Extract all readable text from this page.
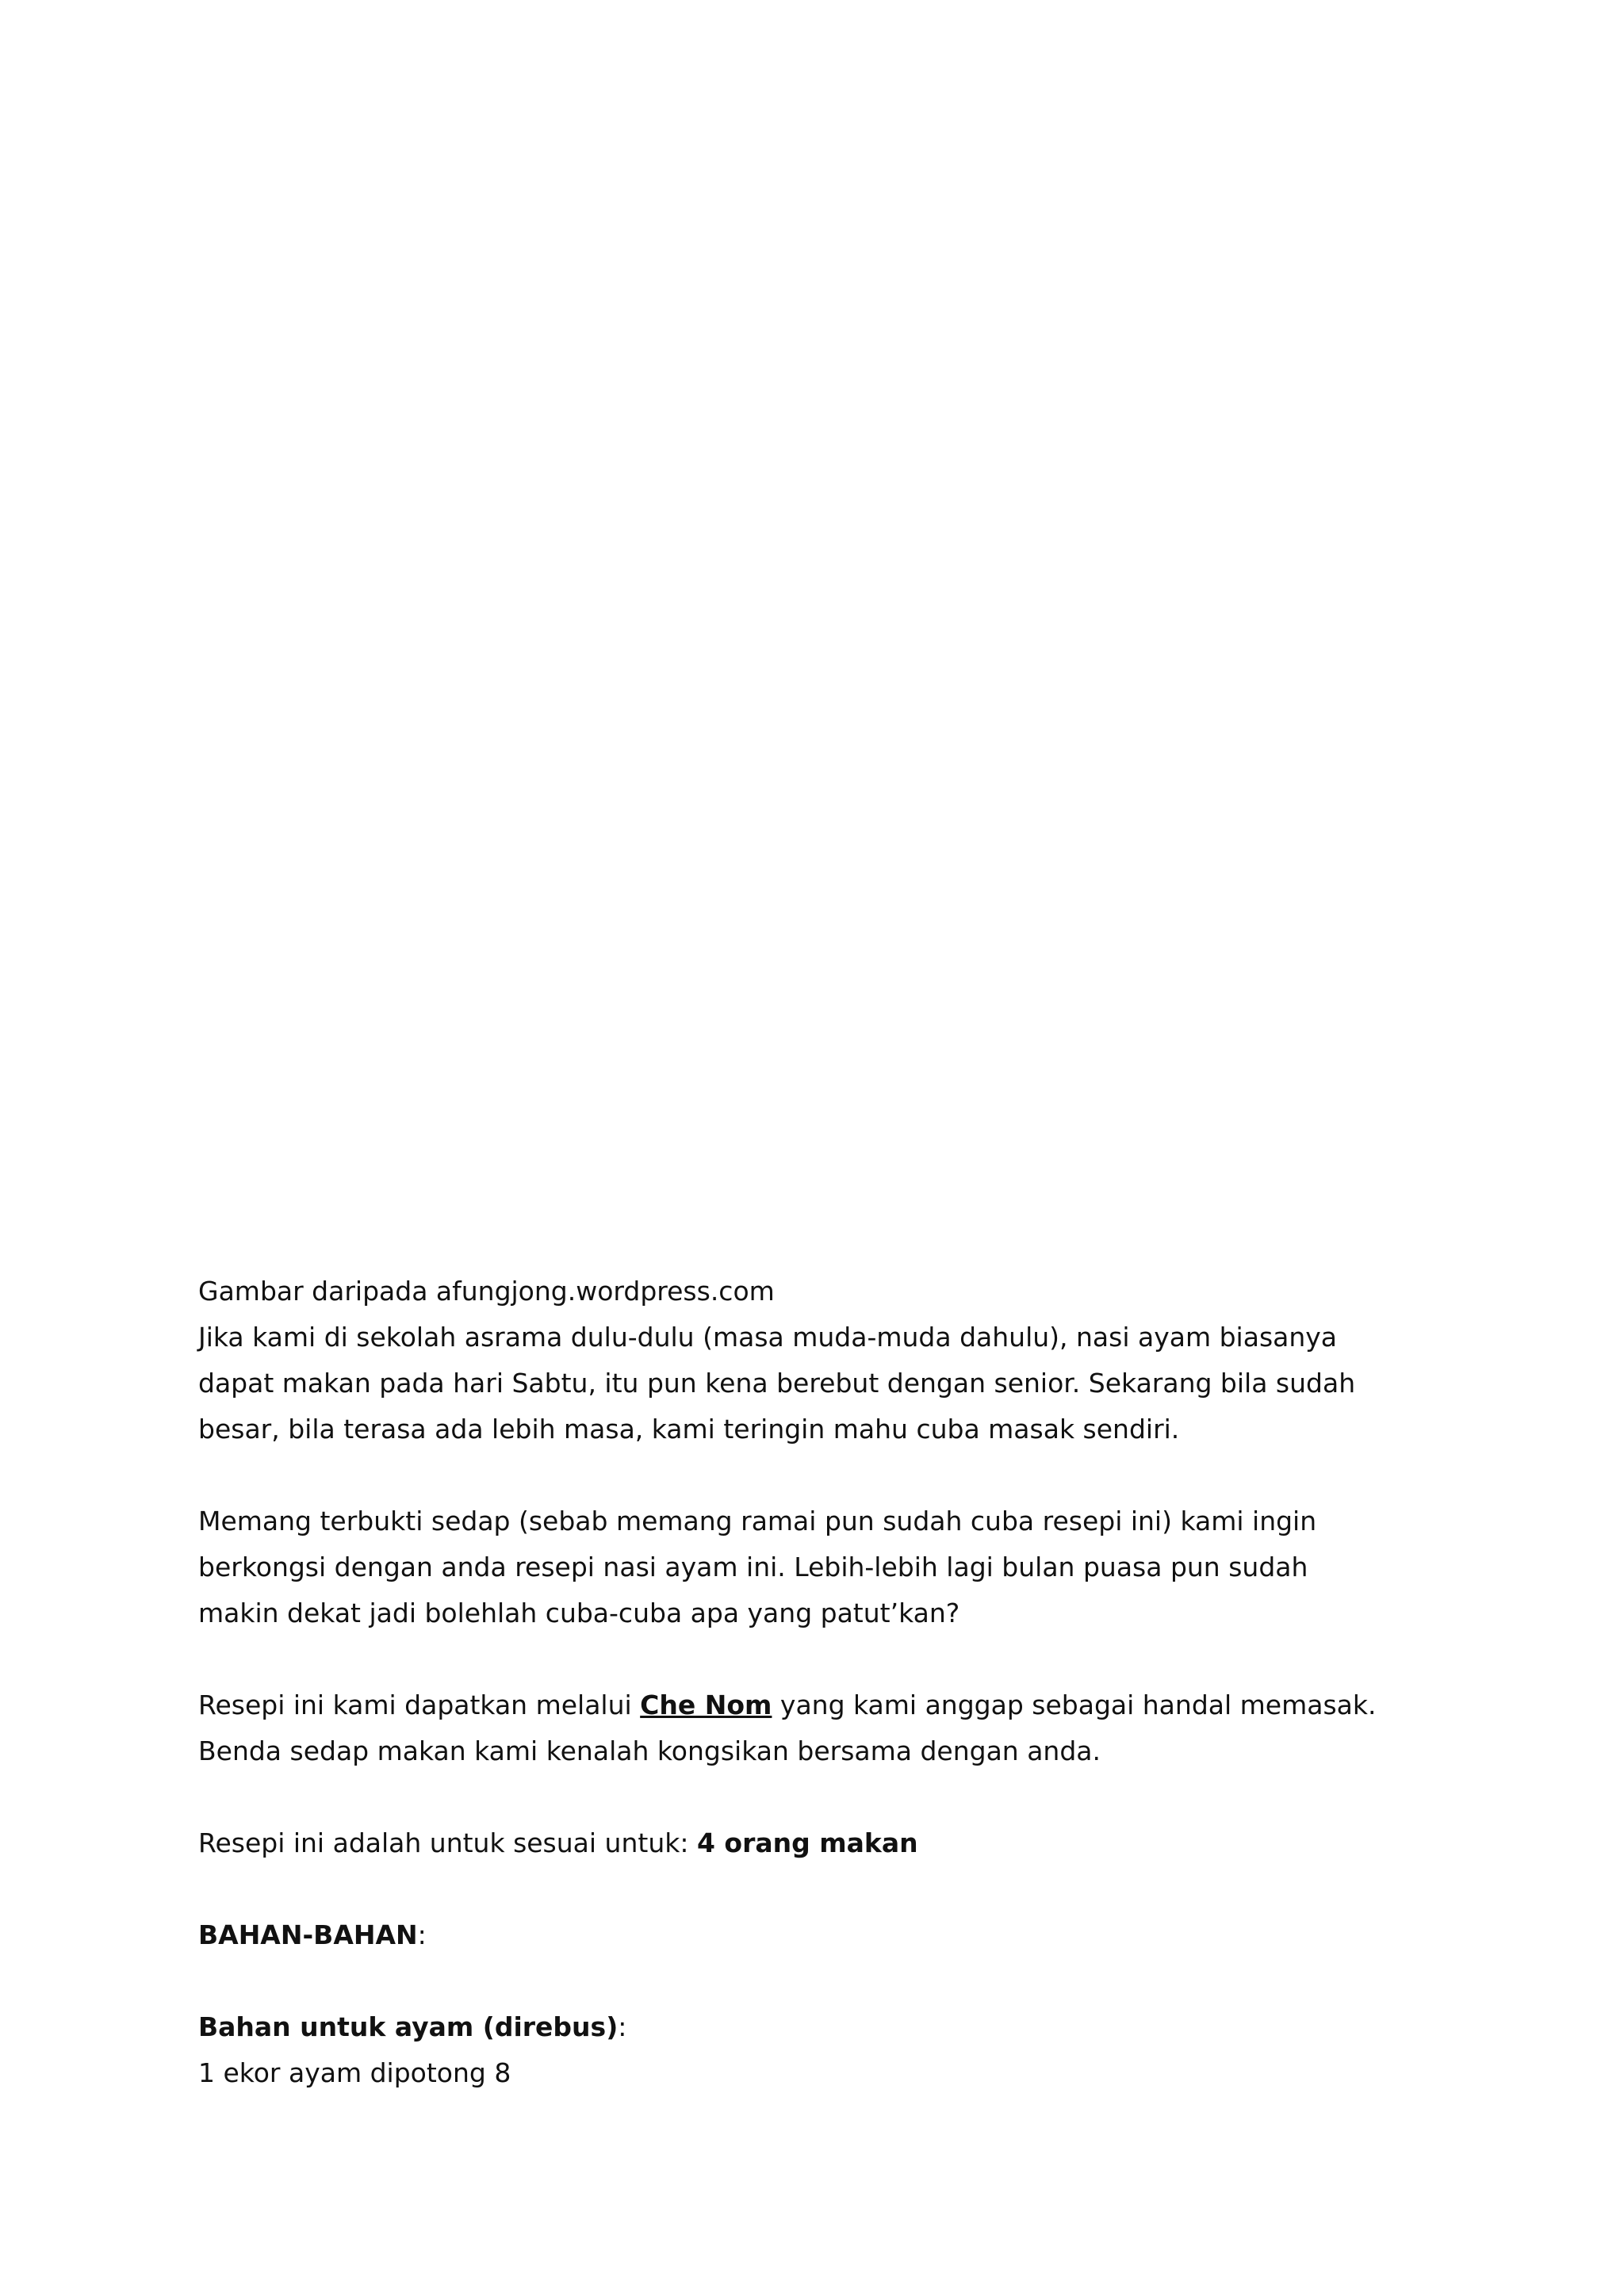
Gambar daripada afungjong.wordpress.com

Jika kami di sekolah asrama dulu-dulu (masa muda-muda dahulu), nasi ayam biasanya

dapat makan pada hari Sabtu, itu pun kena berebut dengan senior. Sekarang bila sudah

besar, bila terasa ada lebih masa, kami teringin mahu cuba masak sendiri.

Memang terbukti sedap (sebab memang ramai pun sudah cuba resepi ini) kami ingin

berkongsi dengan anda resepi nasi ayam ini. Lebih-lebih lagi bulan puasa pun sudah

makin dekat jadi bolehlah cuba-cuba apa yang patut’kan?

Resepi ini kami dapatkan melalui Che Nom yang kami anggap sebagai handal memasak.

Benda sedap makan kami kenalah kongsikan bersama dengan anda.

Resepi ini adalah untuk sesuai untuk: 4 orang makan

BAHAN-BAHAN:

Bahan untuk ayam (direbus):

1 ekor ayam dipotong 8
